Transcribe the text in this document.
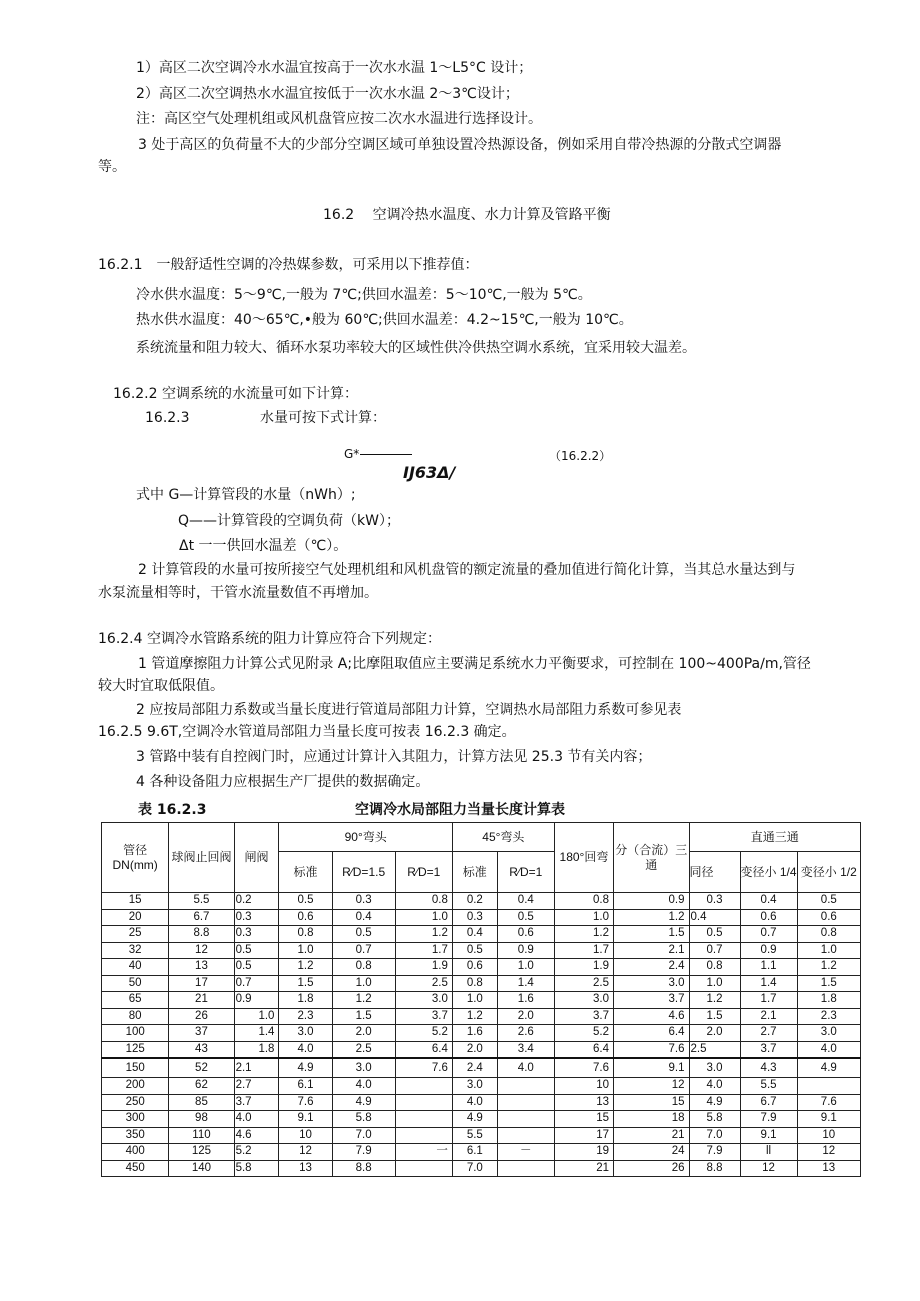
1）高区二次空调冷水水温宜按高于一次水水温 1～L5°C 设计；
2）高区二次空调热水水温宜按低于一次水水温 2～3℃设计；
注：高区空气处理机组或风机盘管应按二次水水温进行选择设计。
3 处于高区的负荷量不大的少部分空调区域可单独设置冷热源设备，例如采用自带冷热源的分散式空调器
等。
16.2　 空调冷热水温度、水力计算及管路平衡
16.2.1　一般舒适性空调的冷热媒参数，可采用以下推荐值：
冷水供水温度：5～9℃,一般为 7℃;供回水温差：5～10℃,一般为 5℃。
热水供水温度：40～65℃,•般为 60℃;供回水温差：4.2~15℃,一般为 10℃。
系统流量和阻力较大、循环水泵功率较大的区域性供冷供热空调水系统，宜采用较大温差。
16.2.2 空调系统的水流量可如下计算：
16.2.3	水量可按下式计算：
G*
IJ63Δ/
（16.2.2）
式中 G—计算管段的水量（nWh）;
Q——计算管段的空调负荷（kW）；
Δt 一一供回水温差（℃）。
2 计算管段的水量可按所接空气处理机组和风机盘管的额定流量的叠加值进行简化计算，当其总水量达到与
水泵流量相等时，干管水流量数值不再增加。
16.2.4 空调冷水管路系统的阻力计算应符合下列规定：
1 管道摩擦阻力计算公式见附录 A;比摩阻取值应主要满足系统水力平衡要求，可控制在 100~400Pa∕m,管径
较大时宜取低限值。
2 应按局部阻力系数或当量长度进行管道局部阻力计算，空调热水局部阻力系数可参见表
16.2.5 9.6T,空调冷水管道局部阻力当量长度可按表 16.2.3 确定。
3 管路中装有自控阀门时，应通过计算计入其阻力，计算方法见 25.3 节有关内容；
4 各种设备阻力应根据生产厂提供的数据确定。
表 16.2.3	空调冷水局部阻力当量长度计算表
管径 DN(mm)	球阀止回阀	闸阀	90°弯头			45°弯头		180°回弯	分（合流）三通	直通三通		
			标准	R⁄D=1.5	R⁄D=1	标准	R⁄D=1			同径	变径小 1/4	变径小 1/2
15	5.5	0.2	0.5	0.3	0.8	0.2	0.4	0.8	0.9	0.3	0.4	0.5
20	6.7	0.3	0.6	0.4	1.0	0.3	0.5	1.0	1.2	0.4	0.6	0.6
25	8.8	0.3	0.8	0.5	1.2	0.4	0.6	1.2	1.5	0.5	0.7	0.8
32	12	0.5	1.0	0.7	1.7	0.5	0.9	1.7	2.1	0.7	0.9	1.0
40	13	0.5	1.2	0.8	1.9	0.6	1.0	1.9	2.4	0.8	1.1	1.2
50	17	0.7	1.5	1.0	2.5	0.8	1.4	2.5	3.0	1.0	1.4	1.5
65	21	0.9	1.8	1.2	3.0	1.0	1.6	3.0	3.7	1.2	1.7	1.8
80	26	1.0	2.3	1.5	3.7	1.2	2.0	3.7	4.6	1.5	2.1	2.3
100	37	1.4	3.0	2.0	5.2	1.6	2.6	5.2	6.4	2.0	2.7	3.0
125	43	1.8	4.0	2.5	6.4	2.0	3.4	6.4	7.6	2.5	3.7	4.0
150	52	2.1	4.9	3.0	7.6	2.4	4.0	7.6	9.1	3.0	4.3	4.9
200	62	2.7	6.1	4.0		3.0		10	12	4.0	5.5	
250	85	3.7	7.6	4.9		4.0		13	15	4.9	6.7	7.6
300	98	4.0	9.1	5.8		4.9		15	18	5.8	7.9	9.1
350	110	4.6	10	7.0		5.5		17	21	7.0	9.1	10
400	125	5.2	12	7.9	一	6.1	－	19	24	7.9	ll	12
450	140	5.8	13	8.8		7.0		21	26	8.8	12	13
